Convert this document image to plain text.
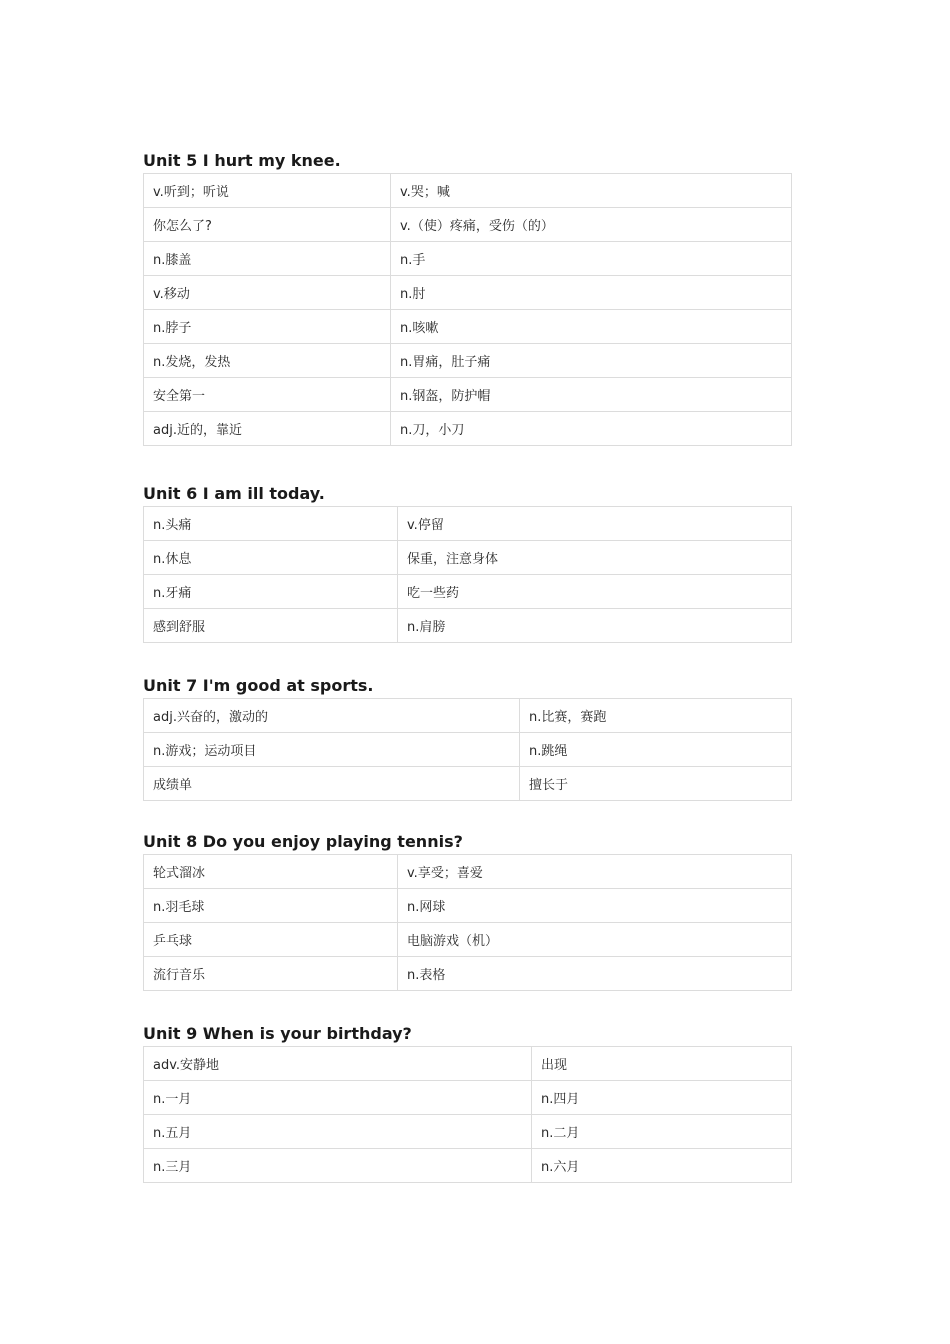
Unit 5 I hurt my knee.
v.听到；听说	v.哭；喊
你怎么了?	v.（使）疼痛，受伤（的）
n.膝盖	n.手
v.移动	n.肘
n.脖子	n.咳嗽
n.发烧，发热	n.胃痛，肚子痛
安全第一	n.钢盔，防护帽
adj.近的，靠近	n.刀，小刀
Unit 6 I am ill today.
n.头痛	v.停留
n.休息	保重，注意身体
n.牙痛	吃一些药
感到舒服	n.肩膀
Unit 7 I'm good at sports.
adj.兴奋的，激动的	n.比赛，赛跑
n.游戏；运动项目	n.跳绳
成绩单	擅长于
Unit 8 Do you enjoy playing tennis?
轮式溜冰	v.享受；喜爱
n.羽毛球	n.网球
乒乓球	电脑游戏（机）
流行音乐	n.表格
Unit 9 When is your birthday?
adv.安静地	出现
n.一月	n.四月
n.五月	n.二月
n.三月	n.六月
